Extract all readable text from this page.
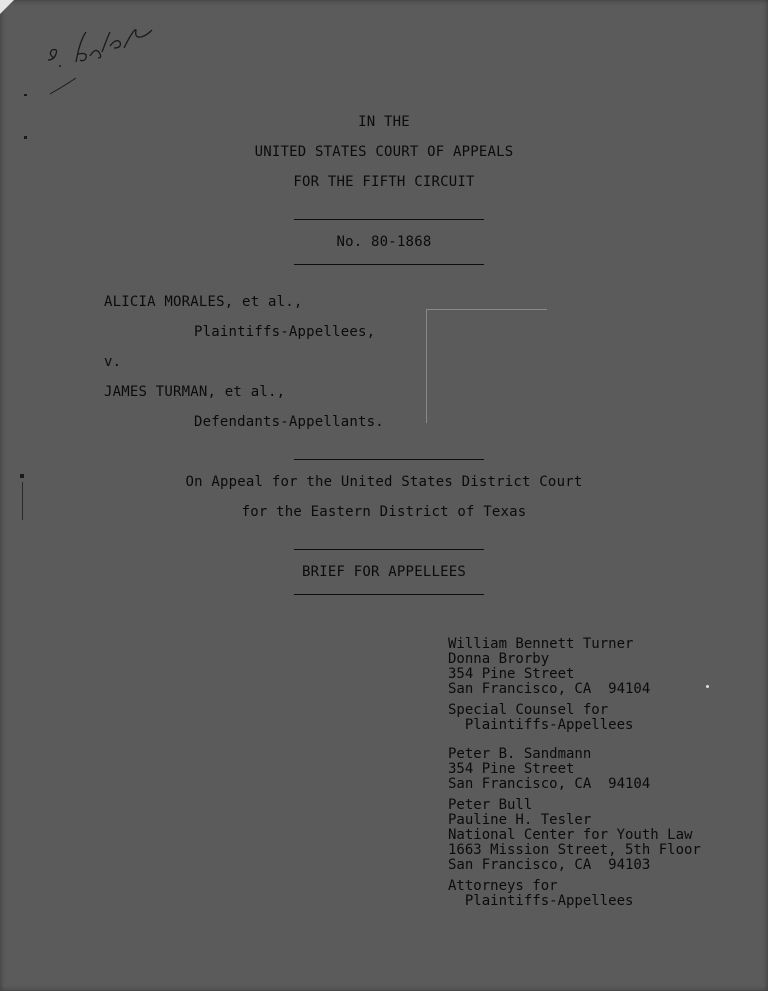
IN THE
UNITED STATES COURT OF APPEALS
FOR THE FIFTH CIRCUIT
No. 80-1868
ALICIA MORALES, et al.,
Plaintiffs-Appellees,
v.
JAMES TURMAN, et al.,
Defendants-Appellants.
On Appeal for the United States District Court
for the Eastern District of Texas
BRIEF FOR APPELLEES
William Bennett Turner
Donna Brorby
354 Pine Street
San Francisco, CA  94104
Special Counsel for
Plaintiffs-Appellees
Peter B. Sandmann
354 Pine Street
San Francisco, CA  94104
Peter Bull
Pauline H. Tesler
National Center for Youth Law
1663 Mission Street, 5th Floor
San Francisco, CA  94103
Attorneys for
Plaintiffs-Appellees
